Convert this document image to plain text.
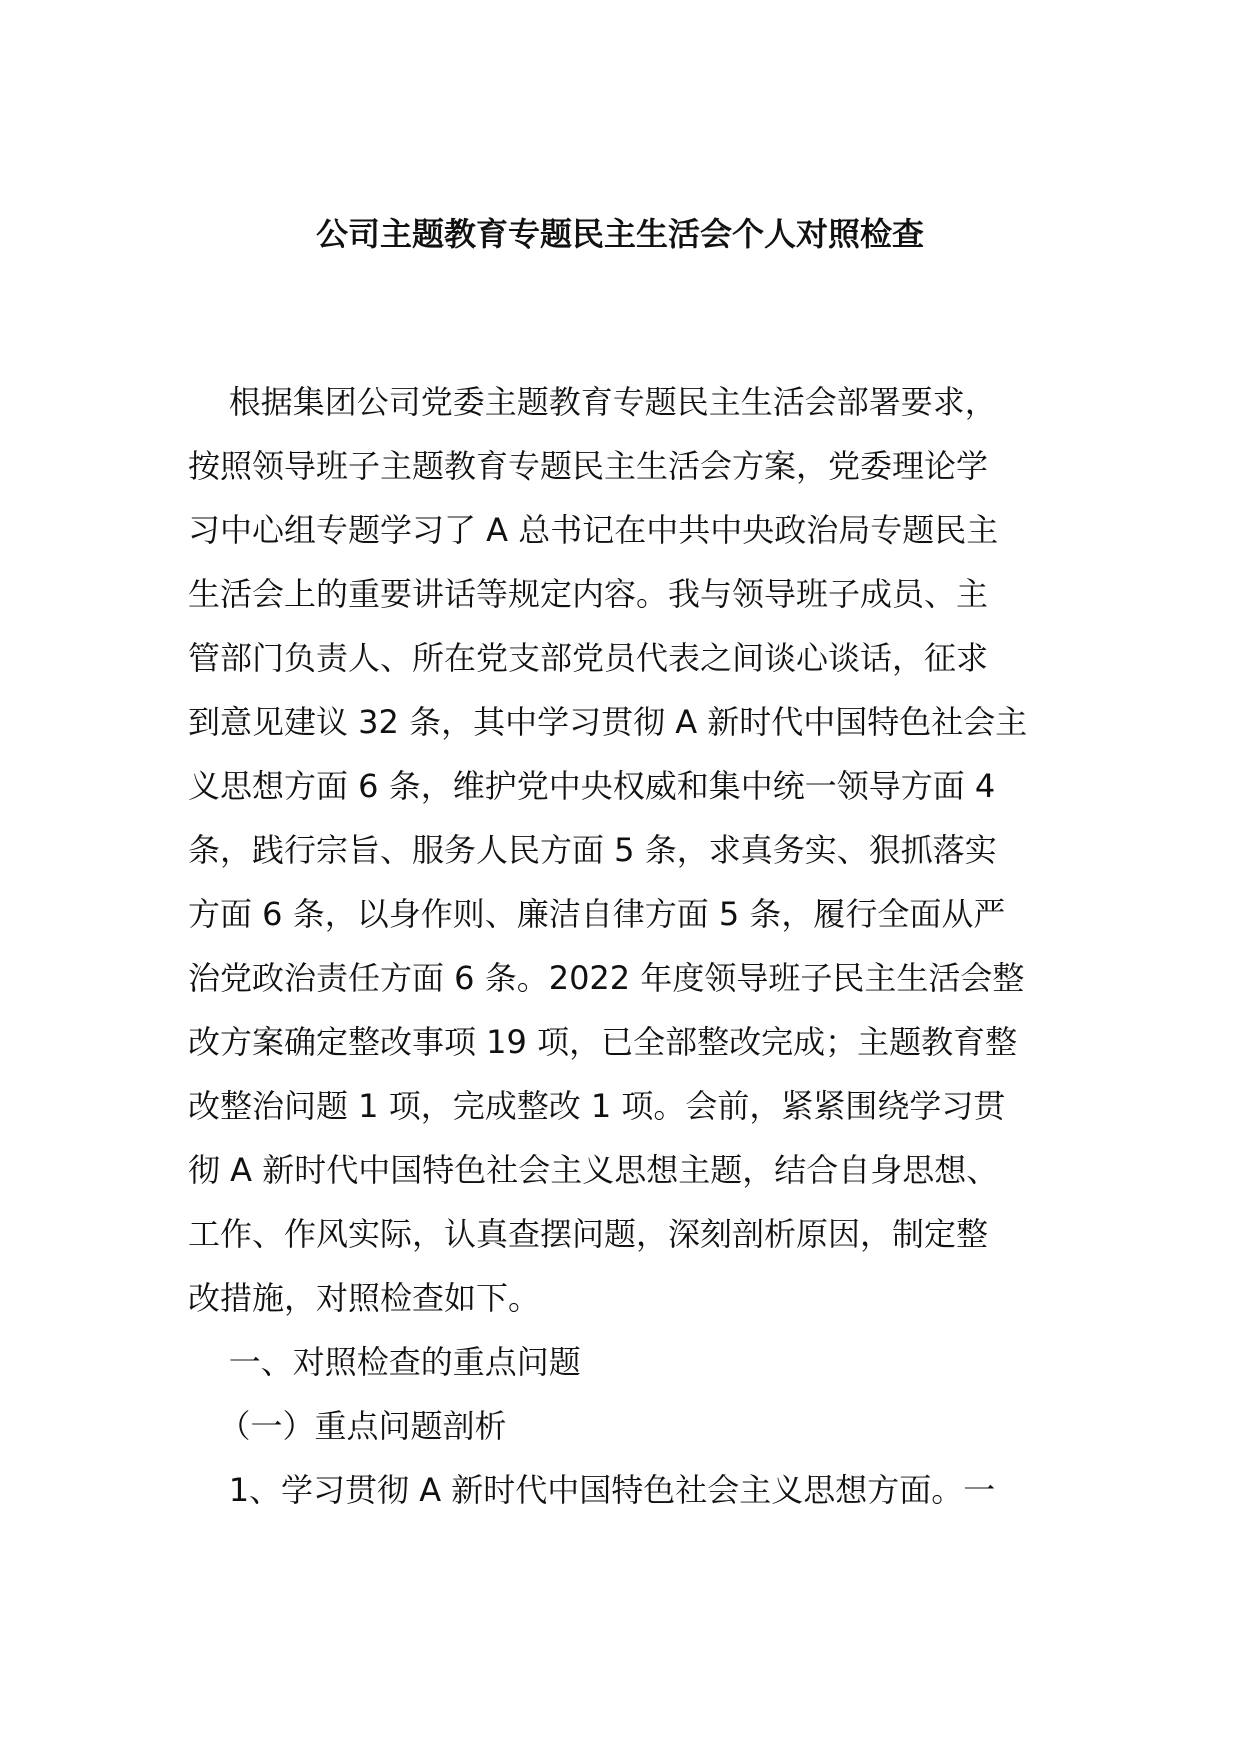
公司主题教育专题民主生活会个人对照检查
根据集团公司党委主题教育专题民主生活会部署要求，
按照领导班子主题教育专题民主生活会方案，党委理论学
习中心组专题学习了 A 总书记在中共中央政治局专题民主
生活会上的重要讲话等规定内容。我与领导班子成员、主
管部门负责人、所在党支部党员代表之间谈心谈话，征求
到意见建议 32 条，其中学习贯彻 A 新时代中国特色社会主
义思想方面 6 条，维护党中央权威和集中统一领导方面 4
条，践行宗旨、服务人民方面 5 条，求真务实、狠抓落实
方面 6 条，以身作则、廉洁自律方面 5 条，履行全面从严
治党政治责任方面 6 条。2022 年度领导班子民主生活会整
改方案确定整改事项 19 项，已全部整改完成；主题教育整
改整治问题 1 项，完成整改 1 项。会前，紧紧围绕学习贯
彻 A 新时代中国特色社会主义思想主题，结合自身思想、
工作、作风实际，认真查摆问题，深刻剖析原因，制定整
改措施，对照检查如下。
一、对照检查的重点问题
（一）重点问题剖析
1、学习贯彻 A 新时代中国特色社会主义思想方面。一
